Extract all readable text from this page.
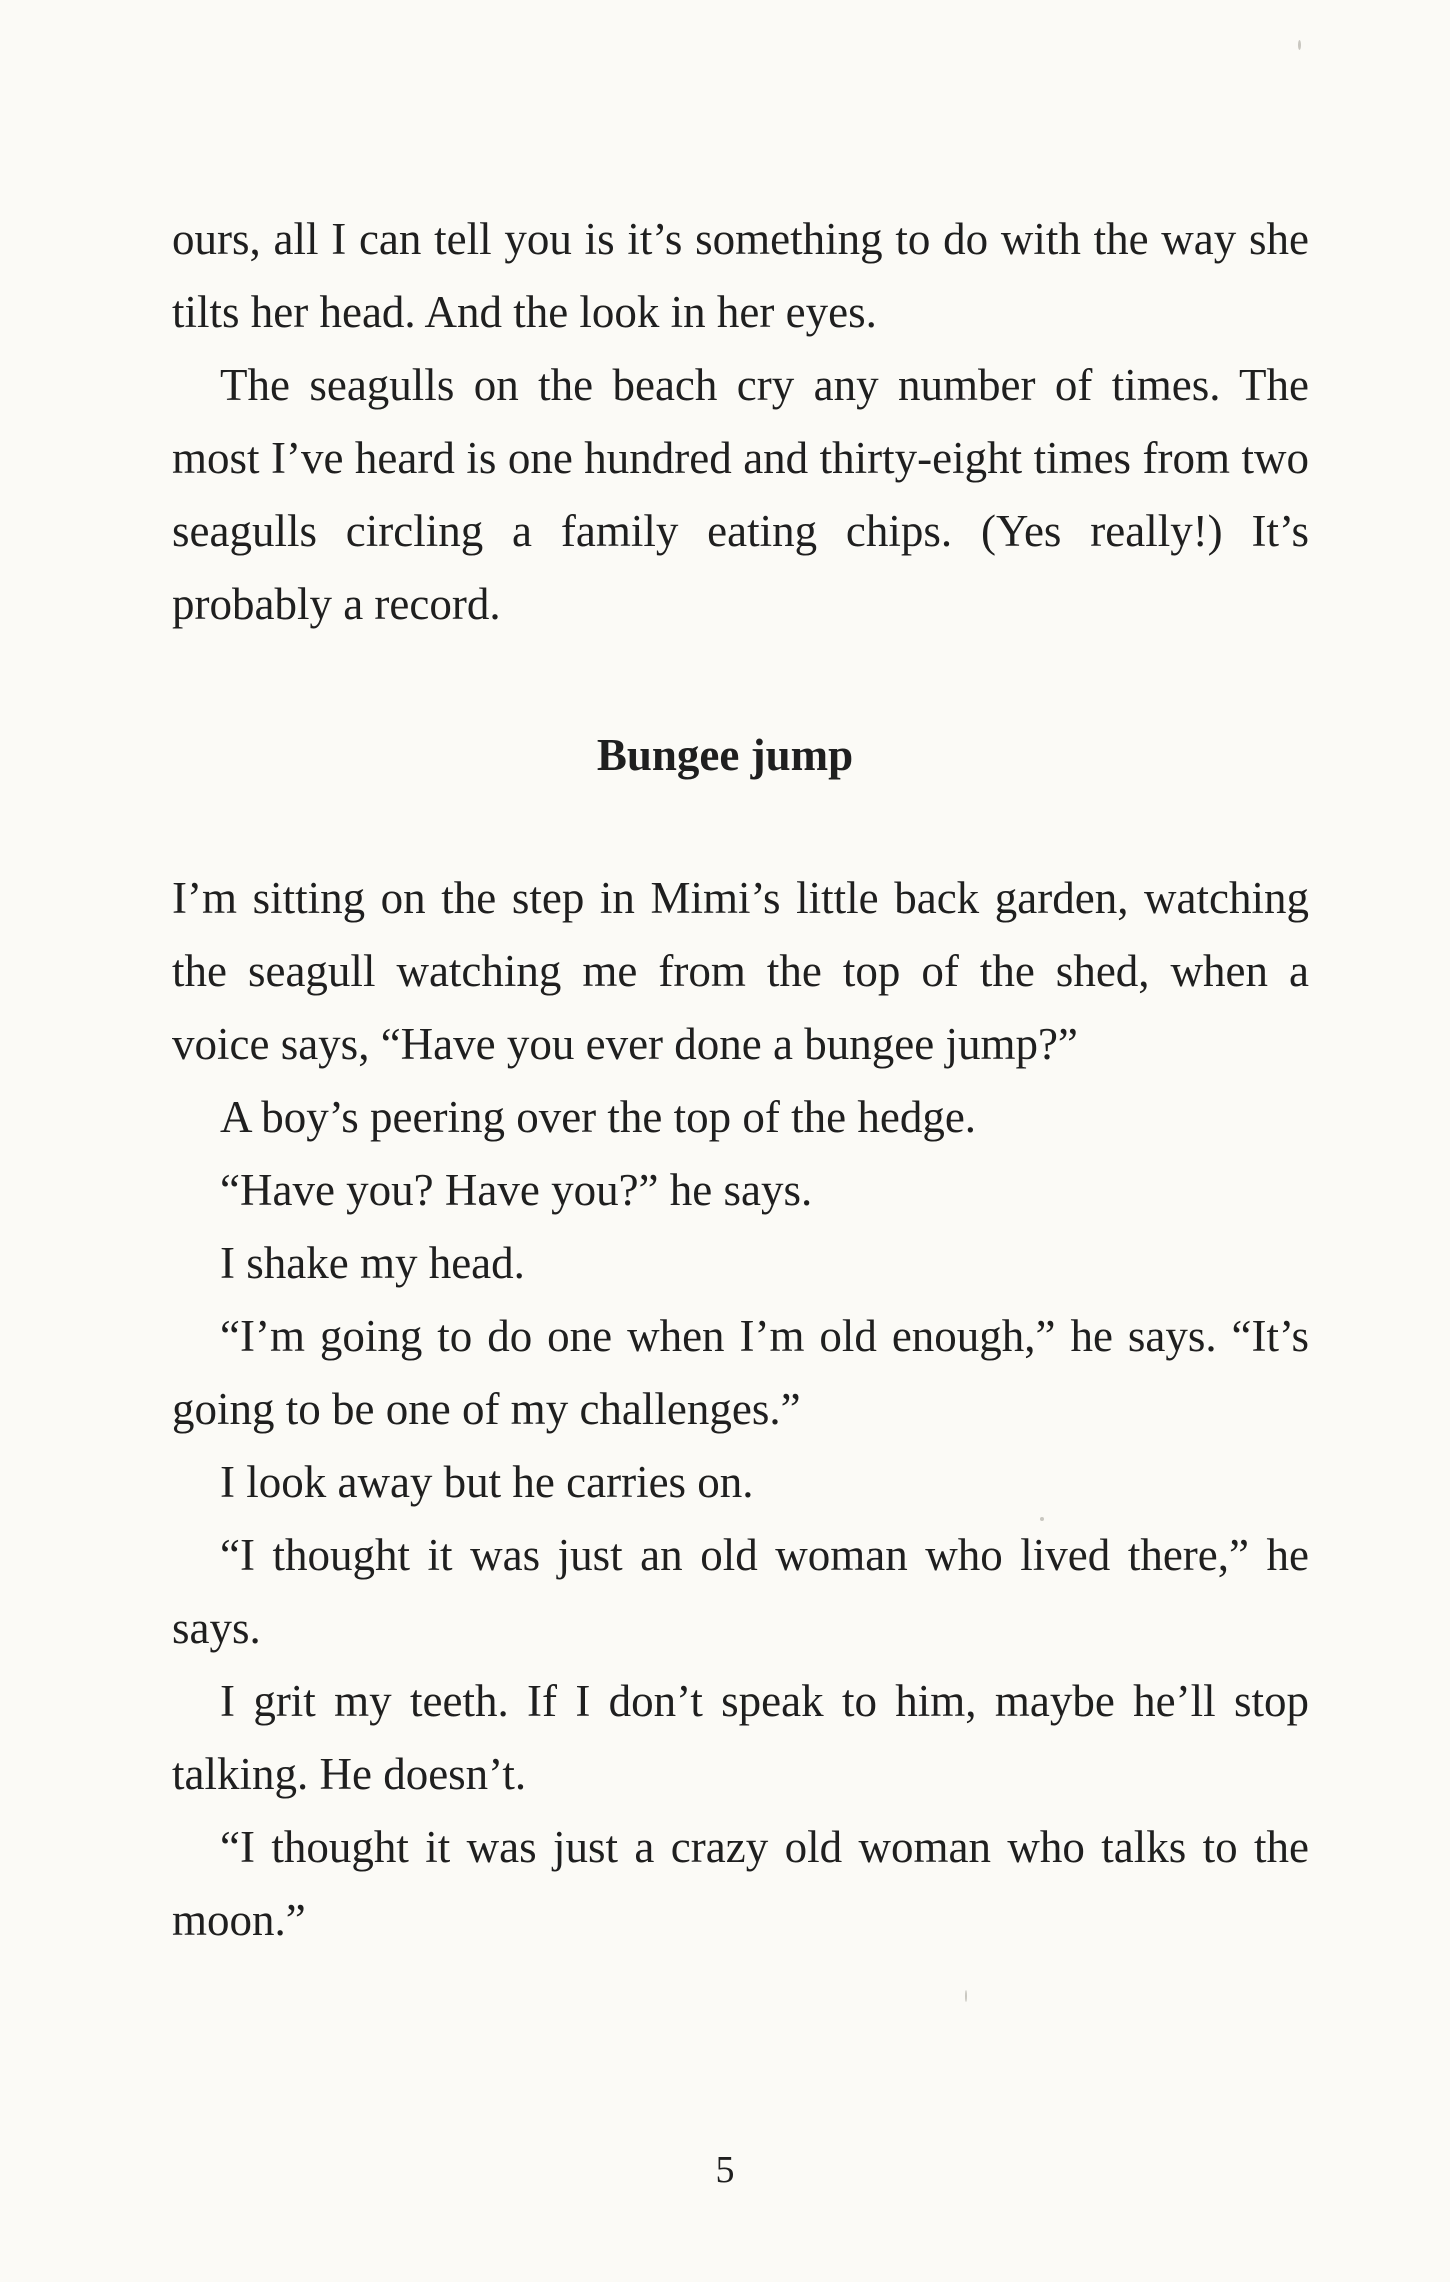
ours, all I can tell you is it’s something to do with the way she tilts her head. And the look in her eyes.

The seagulls on the beach cry any number of times. The most I’ve heard is one hundred and thirty-eight times from two seagulls circling a family eating chips. (Yes really!) It’s probably a record.

Bungee jump

I’m sitting on the step in Mimi’s little back garden, watching the seagull watching me from the top of the shed, when a voice says, “Have you ever done a bungee jump?”

A boy’s peering over the top of the hedge.

“Have you? Have you?” he says.

I shake my head.

“I’m going to do one when I’m old enough,” he says. “It’s going to be one of my challenges.”

I look away but he carries on.

“I thought it was just an old woman who lived there,” he says.

I grit my teeth. If I don’t speak to him, maybe he’ll stop talking. He doesn’t.

“I thought it was just a crazy old woman who talks to the moon.”

5
